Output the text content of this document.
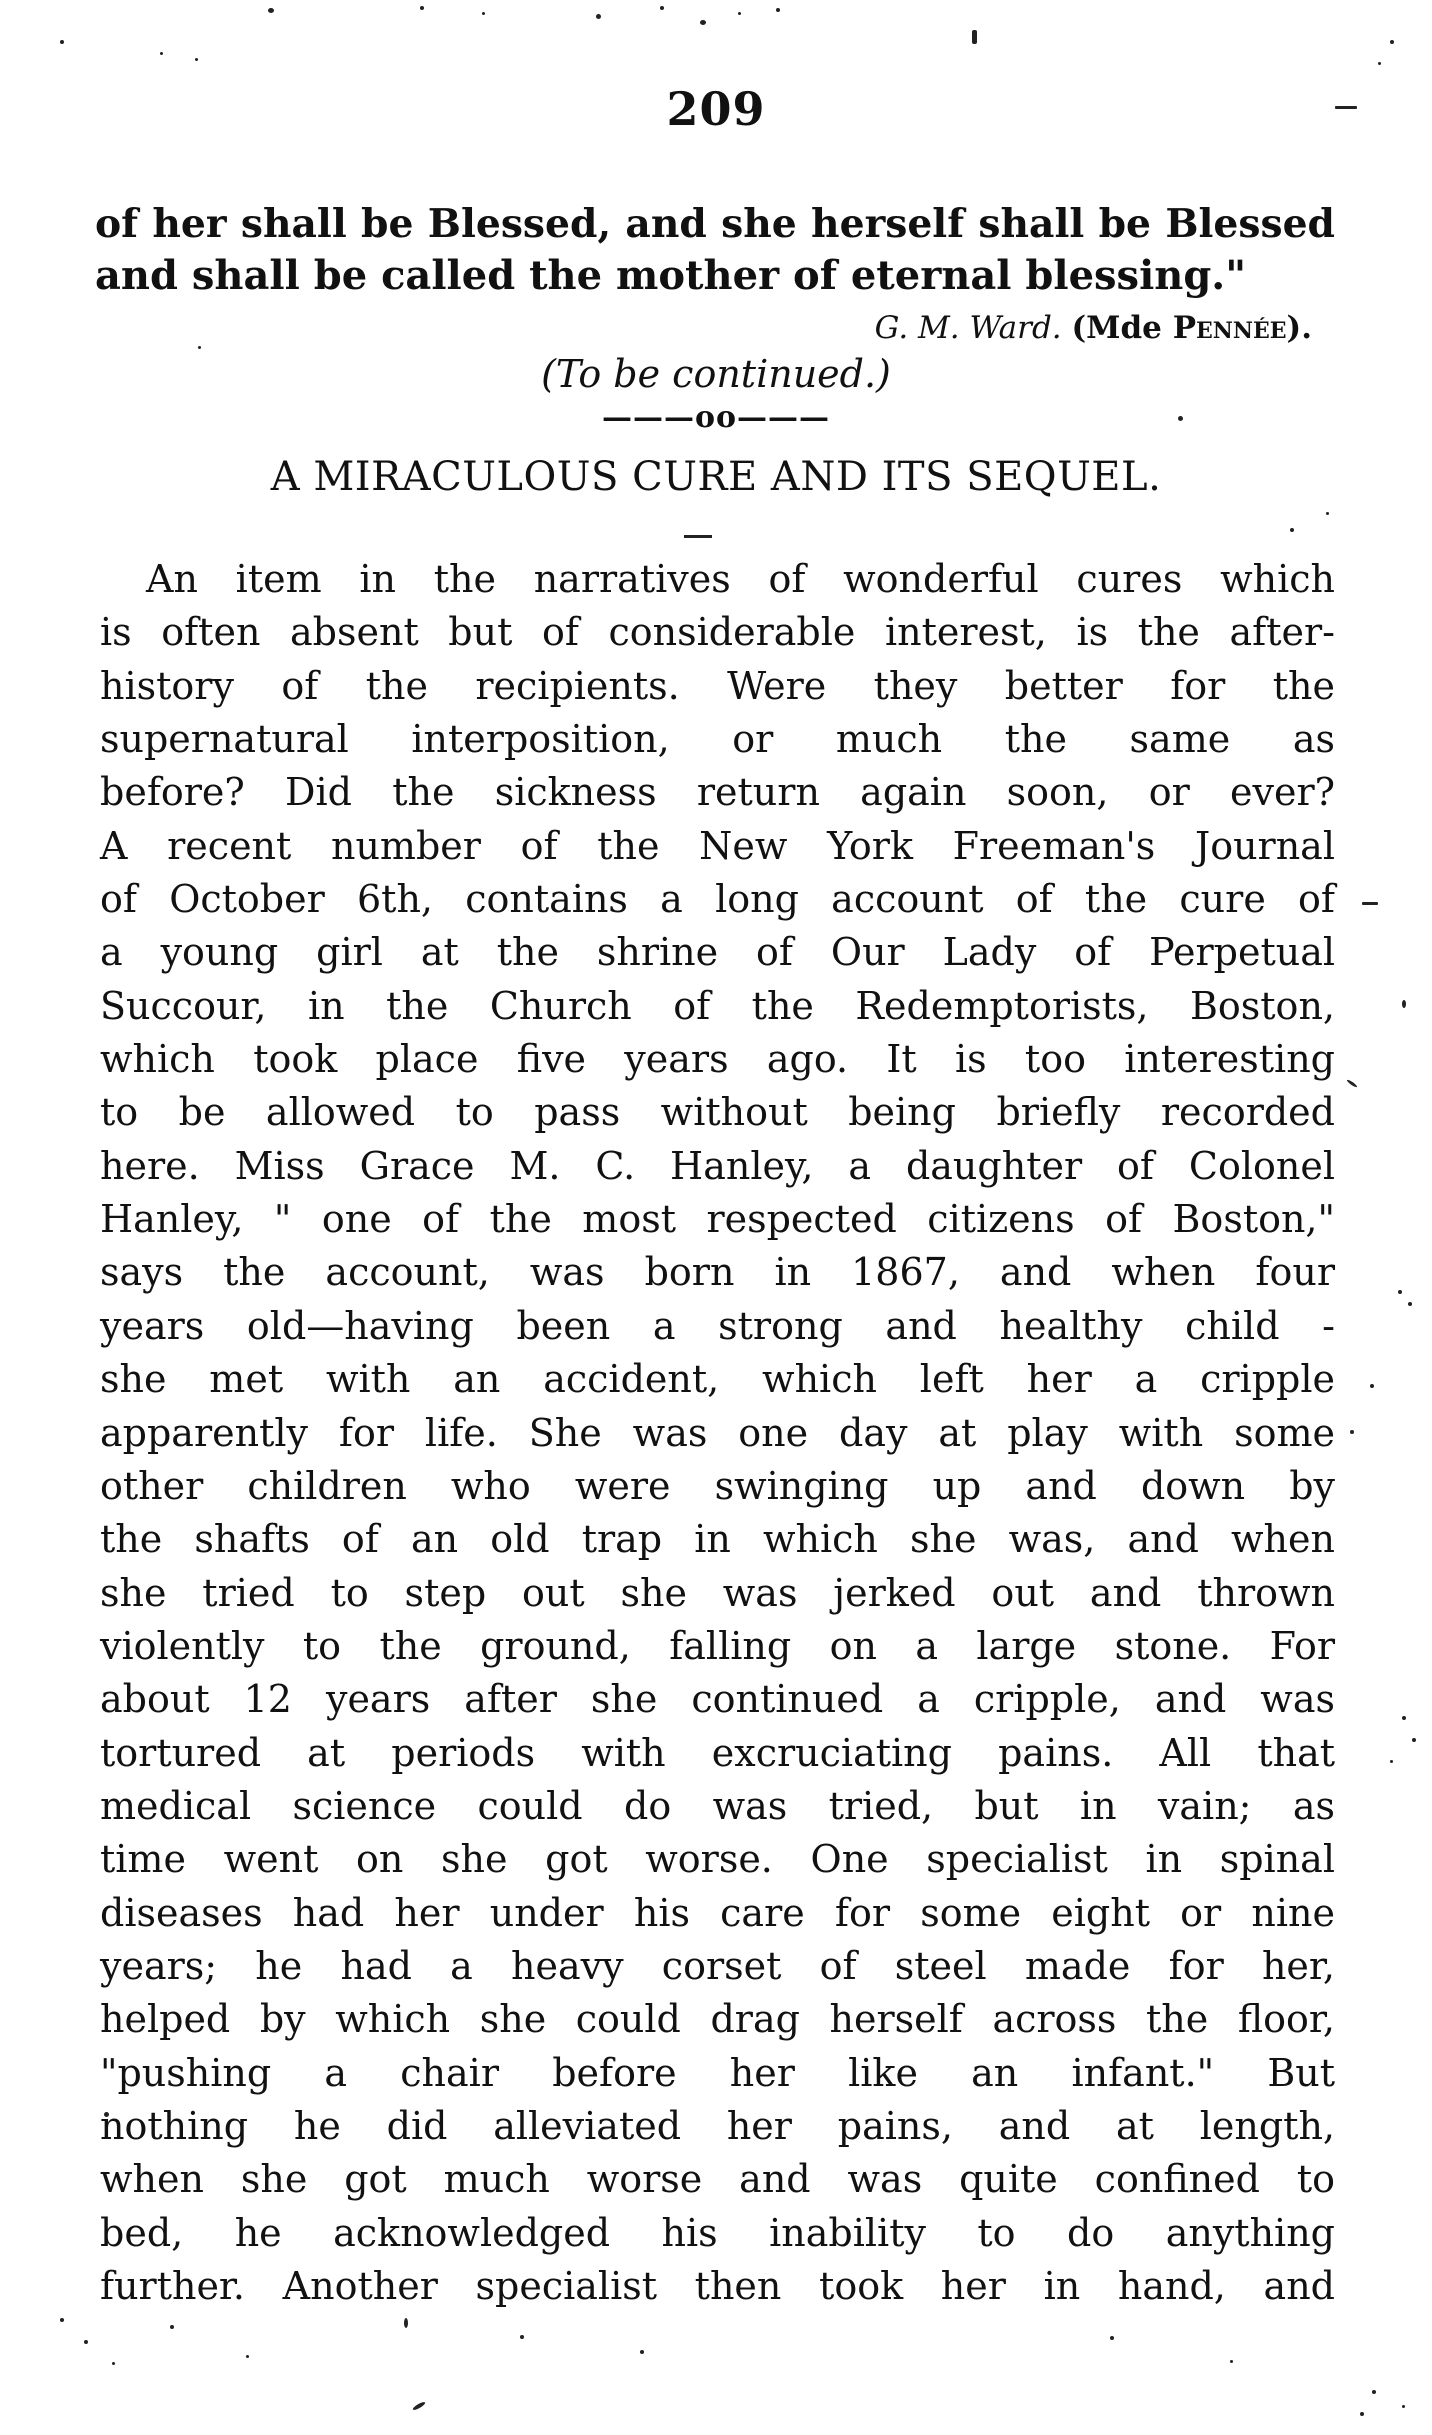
209
of her shall be Blessed, and she herself shall be Blessed
and shall be called the mother of eternal blessing."
G. M. Ward. (Mde Pennée).
(To be continued.)
———oo———
A MIRACULOUS CURE AND ITS SEQUEL.
An item in the narratives of wonderful cures which
is often absent but of considerable interest, is the after-
history of the recipients. Were they better for the
supernatural interposition, or much the same as
before? Did the sickness return again soon, or ever?
A recent number of the New York Freeman's Journal
of October 6th, contains a long account of the cure of
a young girl at the shrine of Our Lady of Perpetual
Succour, in the Church of the Redemptorists, Boston,
which took place five years ago. It is too interesting
to be allowed to pass without being briefly recorded
here. Miss Grace M. C. Hanley, a daughter of Colonel
Hanley, " one of the most respected citizens of Boston,"
says the account, was born in 1867, and when four
years old—having been a strong and healthy child -
she met with an accident, which left her a cripple
apparently for life. She was one day at play with some
other children who were swinging up and down by
the shafts of an old trap in which she was, and when
she tried to step out she was jerked out and thrown
violently to the ground, falling on a large stone. For
about 12 years after she continued a cripple, and was
tortured at periods with excruciating pains. All that
medical science could do was tried, but in vain; as
time went on she got worse. One specialist in spinal
diseases had her under his care for some eight or nine
years; he had a heavy corset of steel made for her,
helped by which she could drag herself across the floor,
"pushing a chair before her like an infant." But
nothing he did alleviated her pains, and at length,
when she got much worse and was quite confined to
bed, he acknowledged his inability to do anything
further. Another specialist then took her in hand, and
